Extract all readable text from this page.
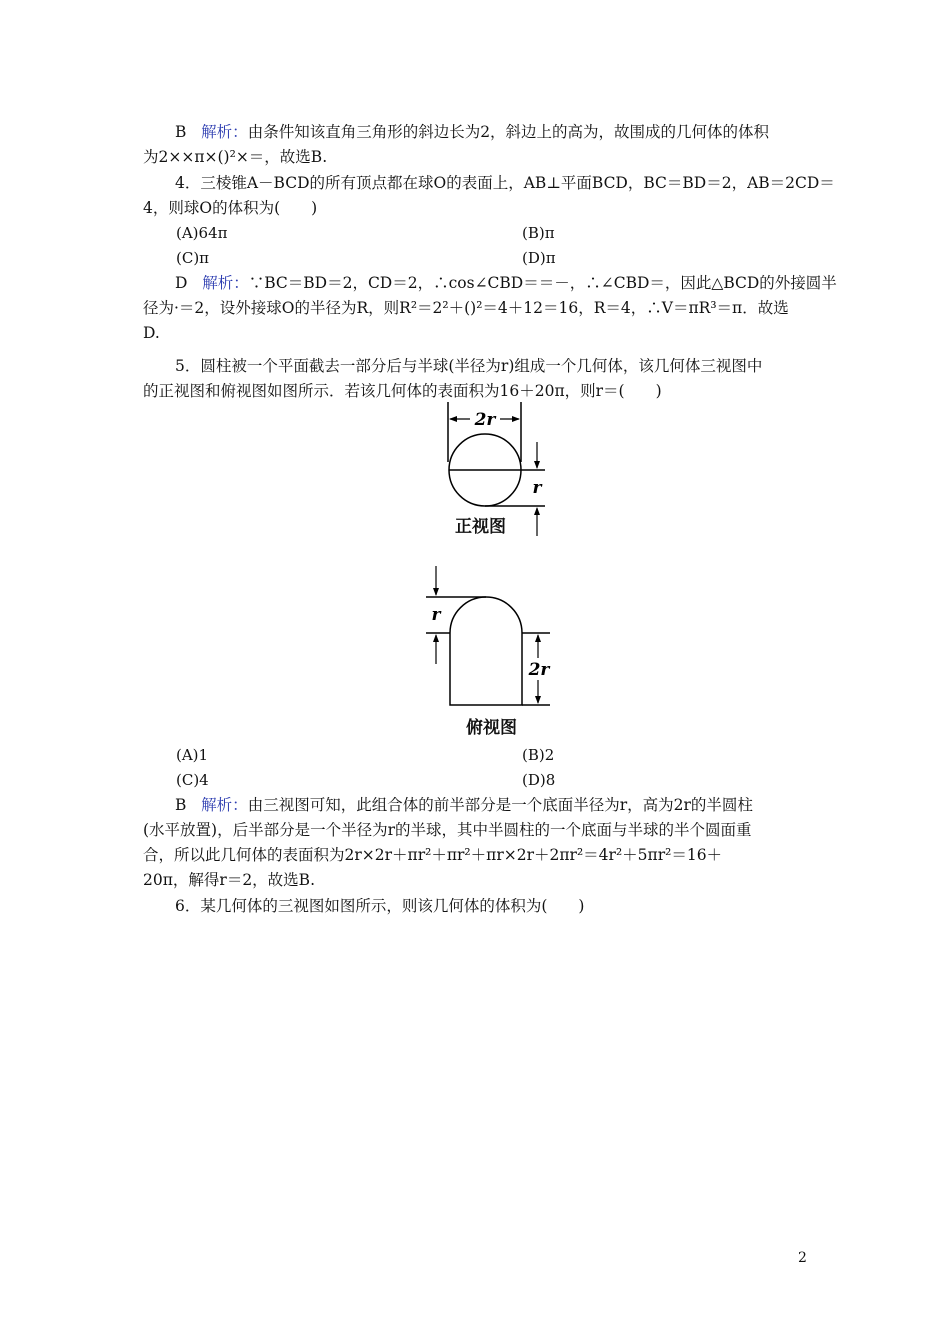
B 解析：由条件知该直角三角形的斜边长为2，斜边上的高为，故围成的几何体的体积
为2××π×()²×＝，故选B.
4．三棱锥A－BCD的所有顶点都在球O的表面上，AB⊥平面BCD，BC＝BD＝2，AB＝2CD＝
4，则球O的体积为(　　)
(A)64π	(B)π
(C)π	(D)π
D 解析：∵BC＝BD＝2，CD＝2，∴cos∠CBD＝＝－，∴∠CBD＝，因此△BCD的外接圆半
径为·＝2，设外接球O的半径为R，则R²＝2²＋()²＝4＋12＝16，R＝4，∴V＝πR³＝π．故选
D.
5．圆柱被一个平面截去一部分后与半球(半径为r)组成一个几何体，该几何体三视图中
的正视图和俯视图如图所示．若该几何体的表面积为16＋20π，则r＝(　　)
2r
r
正视图
r
2r
俯视图
(A)1	(B)2
(C)4	(D)8
B 解析：由三视图可知，此组合体的前半部分是一个底面半径为r，高为2r的半圆柱
(水平放置)，后半部分是一个半径为r的半球，其中半圆柱的一个底面与半球的半个圆面重
合，所以此几何体的表面积为2r×2r＋πr²＋πr²＋πr×2r＋2πr²＝4r²＋5πr²＝16＋
20π，解得r＝2，故选B.
6．某几何体的三视图如图所示，则该几何体的体积为(　　)
2
